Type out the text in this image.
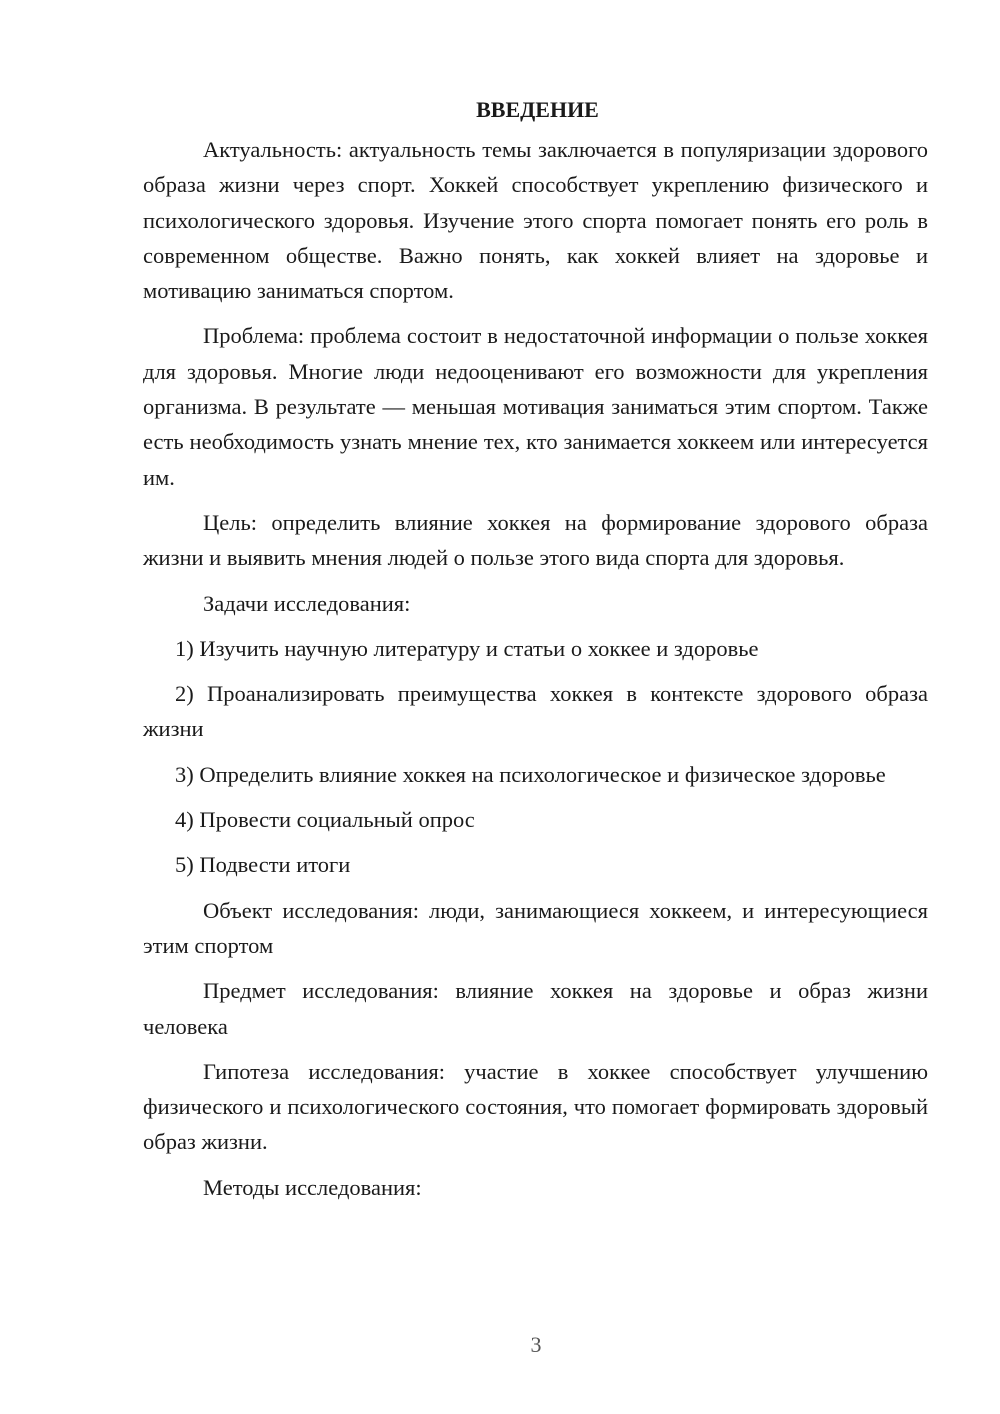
ВВЕДЕНИЕ

Актуальность: актуальность темы заключается в популяризации здорового образа жизни через спорт. Хоккей способствует укреплению физического и психологического здоровья. Изучение этого спорта помогает понять его роль в современном обществе. Важно понять, как хоккей влияет на здоровье и мотивацию заниматься спортом.

Проблема: проблема состоит в недостаточной информации о пользе хоккея для здоровья. Многие люди недооценивают его возможности для укрепления организма. В результате — меньшая мотивация заниматься этим спортом. Также есть необходимость узнать мнение тех, кто занимается хоккеем или интересуется им.

Цель: определить влияние хоккея на формирование здорового образа жизни и выявить мнения людей о пользе этого вида спорта для здоровья.

Задачи исследования:

1) Изучить научную литературу и статьи о хоккее и здоровье

2) Проанализировать преимущества хоккея в контексте здорового образа жизни

3) Определить влияние хоккея на психологическое и физическое здоровье

4) Провести социальный опрос

5) Подвести итоги

Объект исследования: люди, занимающиеся хоккеем, и интересующиеся этим спортом

Предмет исследования: влияние хоккея на здоровье и образ жизни человека

Гипотеза исследования: участие в хоккее способствует улучшению физического и психологического состояния, что помогает формировать здоровый образ жизни.

Методы исследования:

3
